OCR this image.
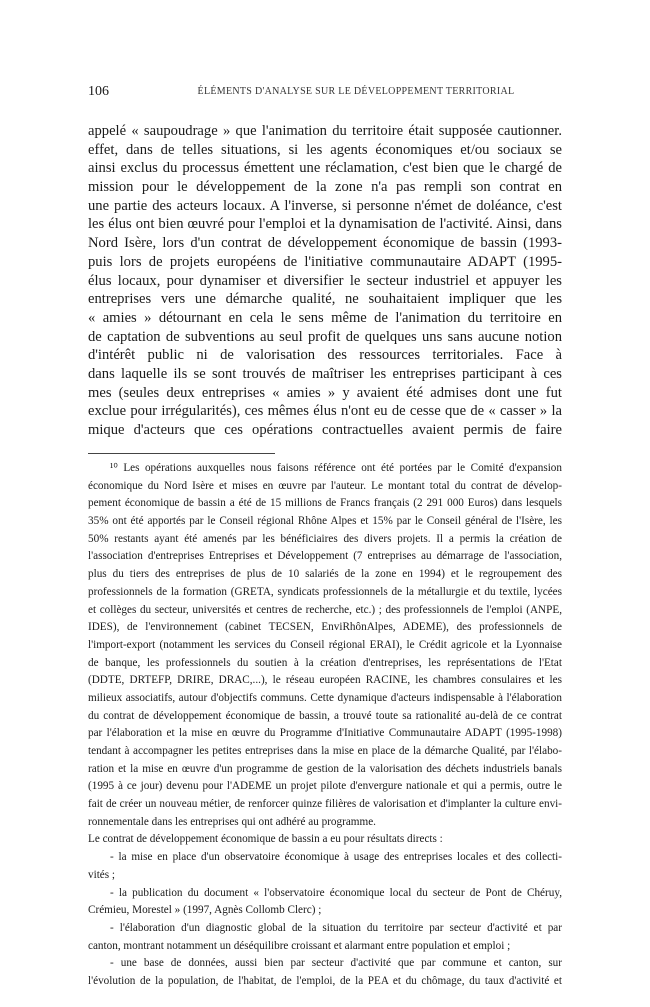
106	ÉLÉMENTS D'ANALYSE SUR LE DÉVELOPPEMENT TERRITORIAL
appelé « saupoudrage » que l'animation du territoire était supposée cautionner.
effet, dans de telles situations, si les agents économiques et/ou sociaux se
ainsi exclus du processus émettent une réclamation, c'est bien que le chargé de
mission pour le développement de la zone n'a pas rempli son contrat en
une partie des acteurs locaux. A l'inverse, si personne n'émet de doléance, c'est
les élus ont bien œuvré pour l'emploi et la dynamisation de l'activité. Ainsi, dans
Nord Isère, lors d'un contrat de développement économique de bassin (1993-
puis lors de projets européens de l'initiative communautaire ADAPT (1995-
élus locaux, pour dynamiser et diversifier le secteur industriel et appuyer les
entreprises vers une démarche qualité, ne souhaitaient impliquer que les
« amies » détournant en cela le sens même de l'animation du territoire en
de captation de subventions au seul profit de quelques uns sans aucune notion
d'intérêt public ni de valorisation des ressources territoriales. Face à
dans laquelle ils se sont trouvés de maîtriser les entreprises participant à ces
mes (seules deux entreprises « amies » y avaient été admises dont une fut
exclue pour irrégularités), ces mêmes élus n'ont eu de cesse que de « casser » la
mique d'acteurs que ces opérations contractuelles avaient permis de faire
¹⁰ Les opérations auxquelles nous faisons référence ont été portées par le Comité d'expansion
économique du Nord Isère et mises en œuvre par l'auteur. Le montant total du contrat de dévelop-
pement économique de bassin a été de 15 millions de Francs français (2 291 000 Euros) dans lesquels
35% ont été apportés par le Conseil régional Rhône Alpes et 15% par le Conseil général de l'Isère, les
50% restants ayant été amenés par les bénéficiaires des divers projets. Il a permis la création de
l'association d'entreprises Entreprises et Développement (7 entreprises au démarrage de l'association,
plus du tiers des entreprises de plus de 10 salariés de la zone en 1994) et le regroupement des
professionnels de la formation (GRETA, syndicats professionnels de la métallurgie et du textile, lycées
et collèges du secteur, universités et centres de recherche, etc.) ; des professionnels de l'emploi (ANPE,
IDES), de l'environnement (cabinet TECSEN, EnviRhônAlpes, ADEME), des professionnels de
l'import-export (notamment les services du Conseil régional ERAI), le Crédit agricole et la Lyonnaise
de banque, les professionnels du soutien à la création d'entreprises, les représentations de l'Etat
(DDTE, DRTEFP, DRIRE, DRAC,...), le réseau européen RACINE, les chambres consulaires et les
milieux associatifs, autour d'objectifs communs. Cette dynamique d'acteurs indispensable à l'élaboration
du contrat de développement économique de bassin, a trouvé toute sa rationalité au-delà de ce contrat
par l'élaboration et la mise en œuvre du Programme d'Initiative Communautaire ADAPT (1995-1998)
tendant à accompagner les petites entreprises dans la mise en place de la démarche Qualité, par l'élabo-
ration et la mise en œuvre d'un programme de gestion de la valorisation des déchets industriels banals
(1995 à ce jour) devenu pour l'ADEME un projet pilote d'envergure nationale et qui a permis, outre le
fait de créer un nouveau métier, de renforcer quinze filières de valorisation et d'implanter la culture envi-
ronnementale dans les entreprises qui ont adhéré au programme.
Le contrat de développement économique de bassin a eu pour résultats directs :
- la mise en place d'un observatoire économique à usage des entreprises locales et des collecti-
vités ;
- la publication du document « l'observatoire économique local du secteur de Pont de Chéruy,
Crémieu, Morestel » (1997, Agnès Collomb Clerc) ;
- l'élaboration d'un diagnostic global de la situation du territoire par secteur d'activité et par
canton, montrant notamment un déséquilibre croissant et alarmant entre population et emploi ;
- une base de données, aussi bien par secteur d'activité que par commune et canton, sur
l'évolution de la population, de l'habitat, de l'emploi, de la PEA et du chômage, du taux d'activité et
